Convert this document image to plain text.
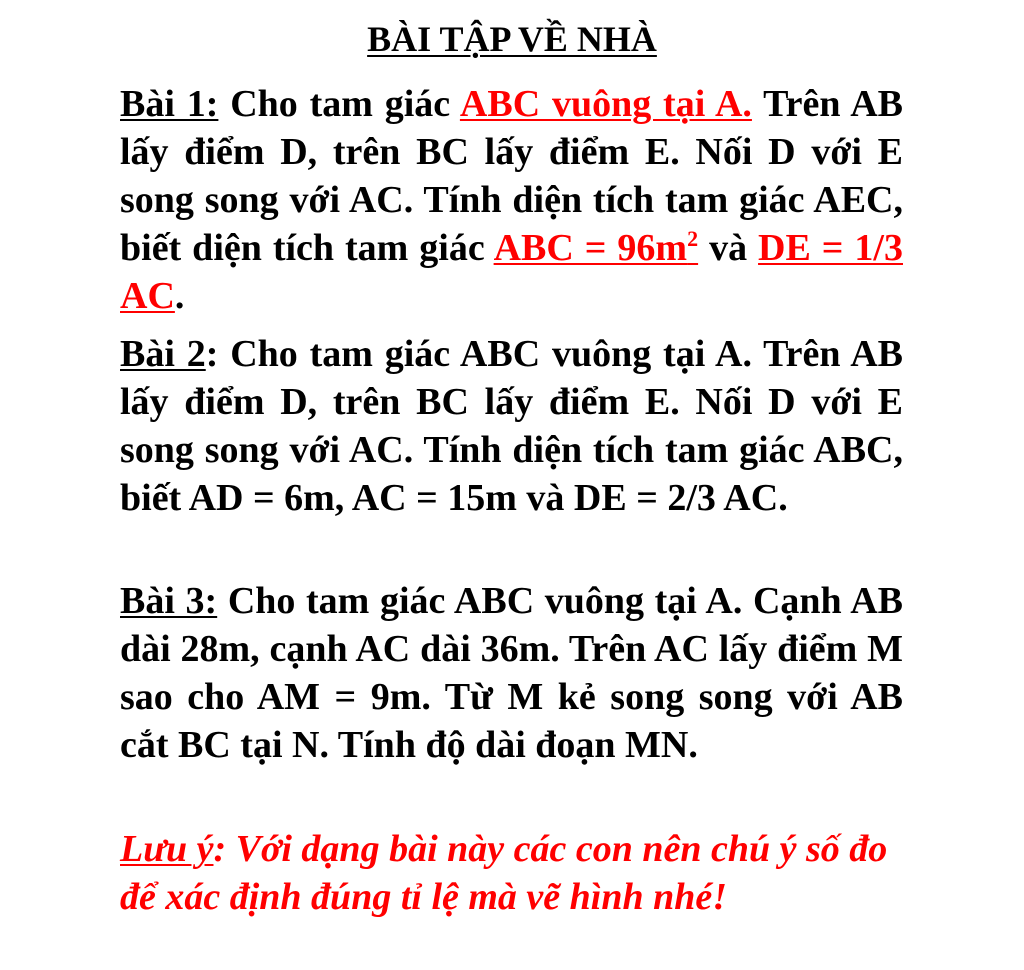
BÀI TẬP VỀ NHÀ

Bài 1: Cho tam giác ABC vuông tại A. Trên AB lấy điểm D, trên BC lấy điểm E. Nối D với E song song với AC. Tính diện tích tam giác AEC, biết diện tích tam giác ABC = $96m^2$ và DE = 1/3 AC.

Bài 2: Cho tam giác ABC vuông tại A. Trên AB lấy điểm D, trên BC lấy điểm E. Nối D với E song song với AC. Tính diện tích tam giác ABC, biết AD = 6m, AC = 15m và DE = 2/3 AC.

Bài 3: Cho tam giác ABC vuông tại A. Cạnh AB dài 28m, cạnh AC dài 36m. Trên AC lấy điểm M sao cho AM = 9m. Từ M kẻ song song với AB cắt BC tại N. Tính độ dài đoạn MN.

Lưu ý: Với dạng bài này các con nên chú ý số đo để xác định đúng tỉ lệ mà vẽ hình nhé!
